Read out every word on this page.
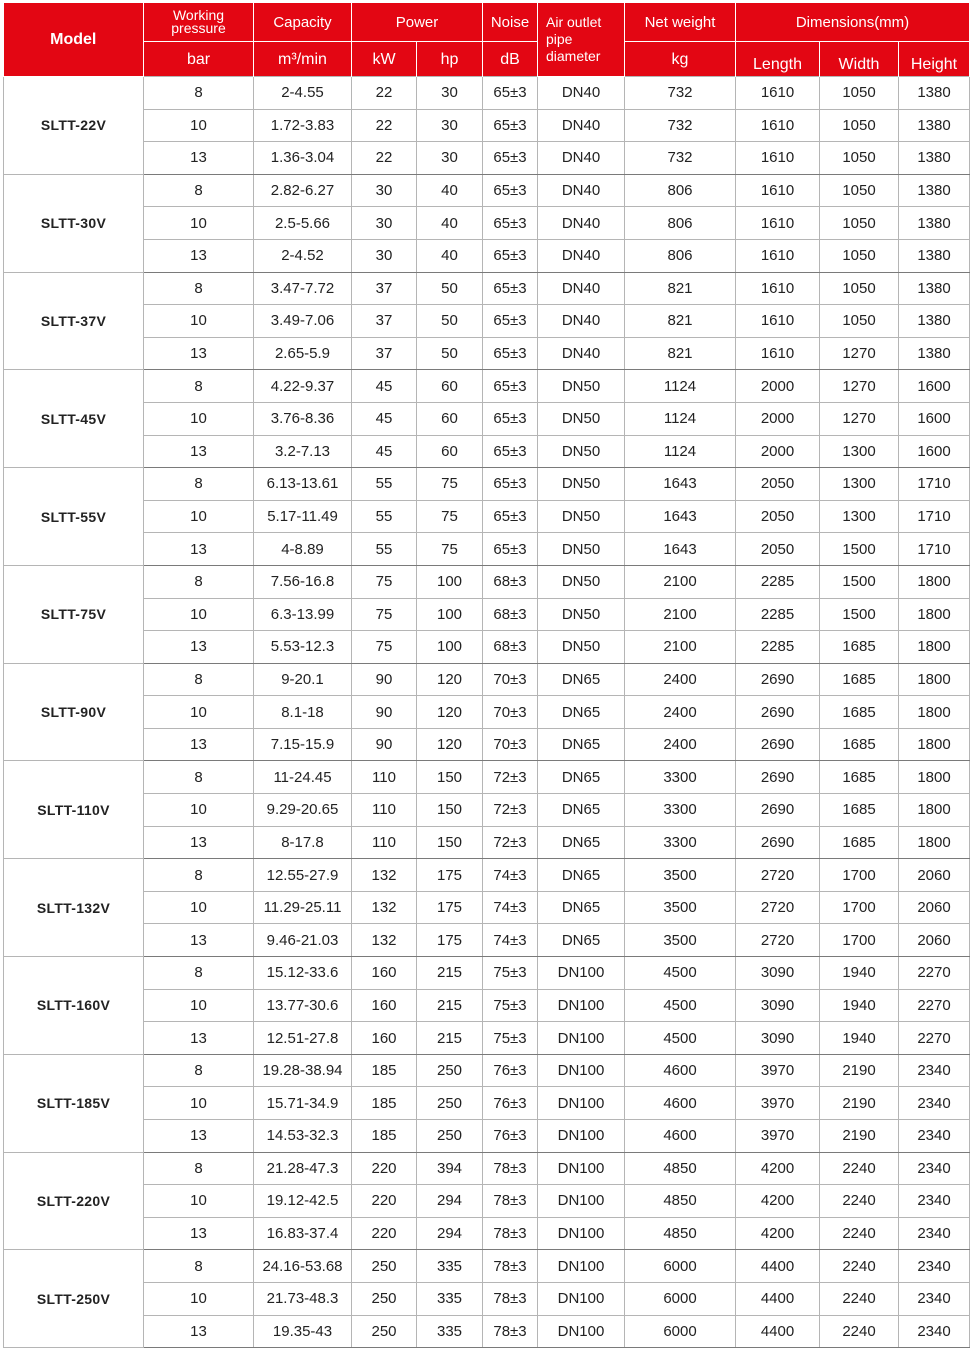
Model	Working pressure	Capacity	Power		Noise	Air outlet pipe diameter	Net weight	Dimensions(mm)		
	bar	m³/min	kW	hp	dB		kg	Length	Width	Height
SLTT-22V	8	2-4.55	22	30	65±3	DN40	732	1610	1050	1380
	10	1.72-3.83	22	30	65±3	DN40	732	1610	1050	1380
	13	1.36-3.04	22	30	65±3	DN40	732	1610	1050	1380
SLTT-30V	8	2.82-6.27	30	40	65±3	DN40	806	1610	1050	1380
	10	2.5-5.66	30	40	65±3	DN40	806	1610	1050	1380
	13	2-4.52	30	40	65±3	DN40	806	1610	1050	1380
SLTT-37V	8	3.47-7.72	37	50	65±3	DN40	821	1610	1050	1380
	10	3.49-7.06	37	50	65±3	DN40	821	1610	1050	1380
	13	2.65-5.9	37	50	65±3	DN40	821	1610	1270	1380
SLTT-45V	8	4.22-9.37	45	60	65±3	DN50	1124	2000	1270	1600
	10	3.76-8.36	45	60	65±3	DN50	1124	2000	1270	1600
	13	3.2-7.13	45	60	65±3	DN50	1124	2000	1300	1600
SLTT-55V	8	6.13-13.61	55	75	65±3	DN50	1643	2050	1300	1710
	10	5.17-11.49	55	75	65±3	DN50	1643	2050	1300	1710
	13	4-8.89	55	75	65±3	DN50	1643	2050	1500	1710
SLTT-75V	8	7.56-16.8	75	100	68±3	DN50	2100	2285	1500	1800
	10	6.3-13.99	75	100	68±3	DN50	2100	2285	1500	1800
	13	5.53-12.3	75	100	68±3	DN50	2100	2285	1685	1800
SLTT-90V	8	9-20.1	90	120	70±3	DN65	2400	2690	1685	1800
	10	8.1-18	90	120	70±3	DN65	2400	2690	1685	1800
	13	7.15-15.9	90	120	70±3	DN65	2400	2690	1685	1800
SLTT-110V	8	11-24.45	110	150	72±3	DN65	3300	2690	1685	1800
	10	9.29-20.65	110	150	72±3	DN65	3300	2690	1685	1800
	13	8-17.8	110	150	72±3	DN65	3300	2690	1685	1800
SLTT-132V	8	12.55-27.9	132	175	74±3	DN65	3500	2720	1700	2060
	10	11.29-25.11	132	175	74±3	DN65	3500	2720	1700	2060
	13	9.46-21.03	132	175	74±3	DN65	3500	2720	1700	2060
SLTT-160V	8	15.12-33.6	160	215	75±3	DN100	4500	3090	1940	2270
	10	13.77-30.6	160	215	75±3	DN100	4500	3090	1940	2270
	13	12.51-27.8	160	215	75±3	DN100	4500	3090	1940	2270
SLTT-185V	8	19.28-38.94	185	250	76±3	DN100	4600	3970	2190	2340
	10	15.71-34.9	185	250	76±3	DN100	4600	3970	2190	2340
	13	14.53-32.3	185	250	76±3	DN100	4600	3970	2190	2340
SLTT-220V	8	21.28-47.3	220	394	78±3	DN100	4850	4200	2240	2340
	10	19.12-42.5	220	294	78±3	DN100	4850	4200	2240	2340
	13	16.83-37.4	220	294	78±3	DN100	4850	4200	2240	2340
SLTT-250V	8	24.16-53.68	250	335	78±3	DN100	6000	4400	2240	2340
	10	21.73-48.3	250	335	78±3	DN100	6000	4400	2240	2340
	13	19.35-43	250	335	78±3	DN100	6000	4400	2240	2340
